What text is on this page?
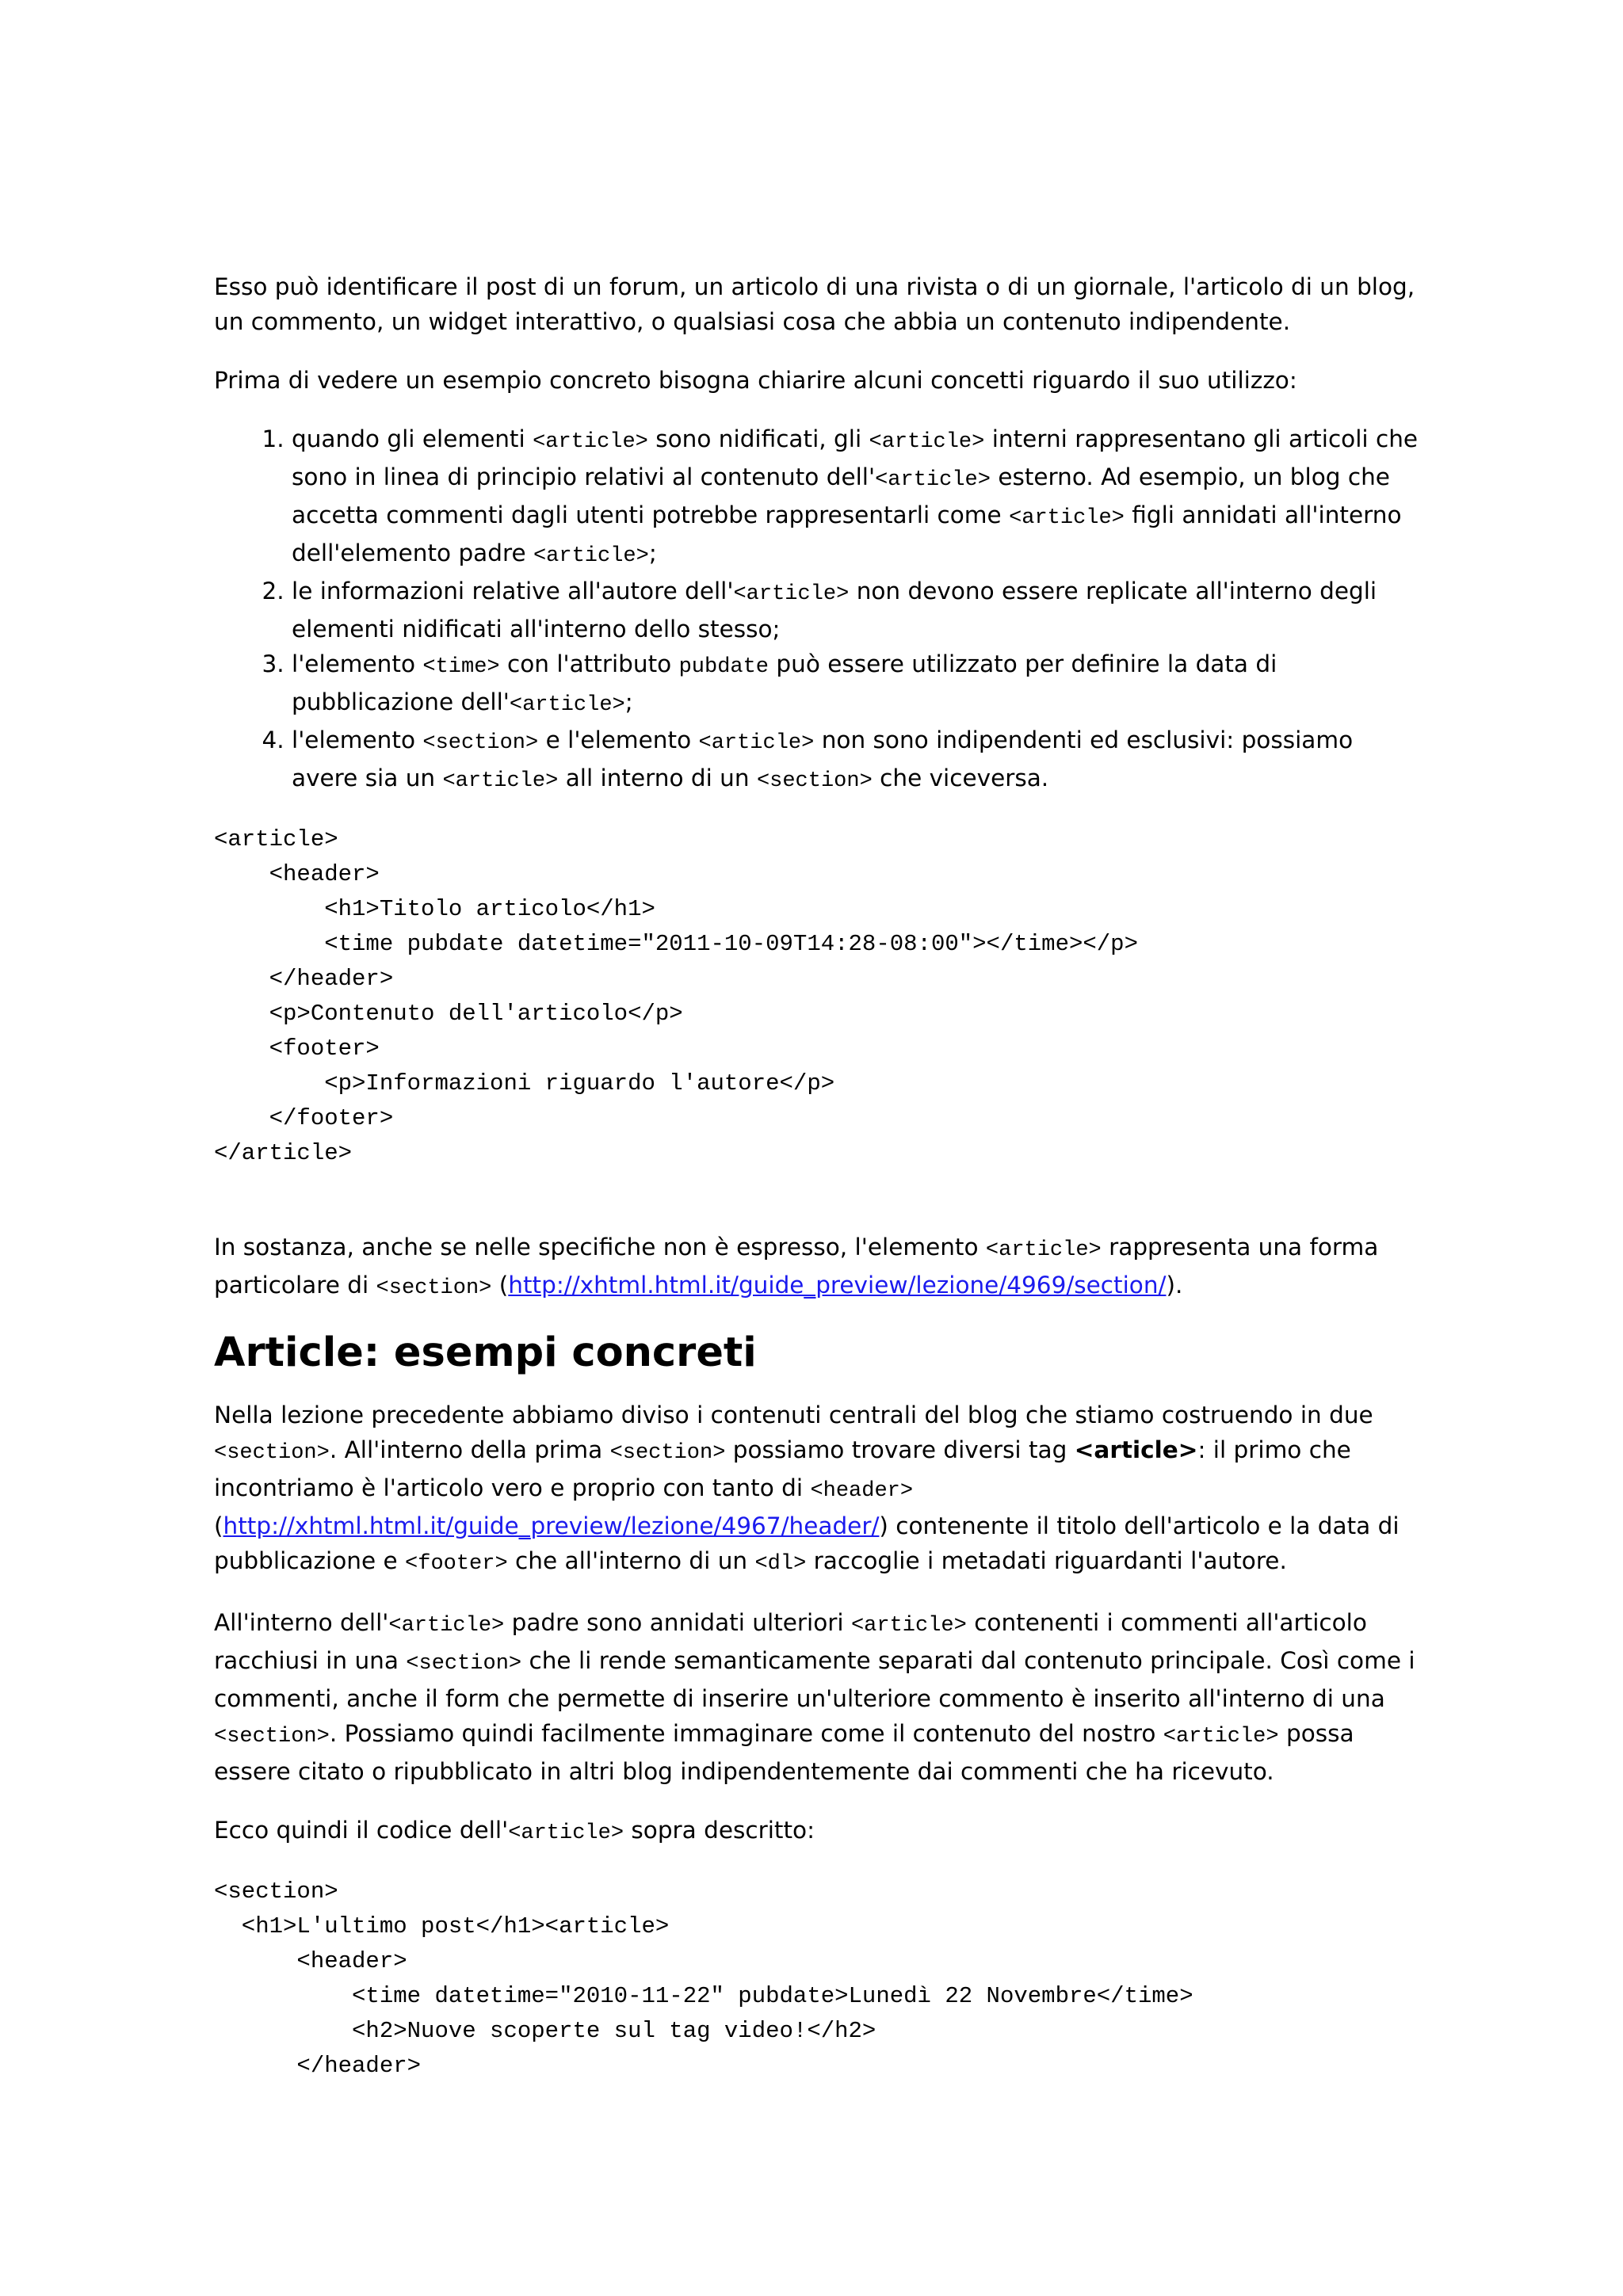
Esso può identificare il post di un forum, un articolo di una rivista o di un giornale, l'articolo di un blog, un commento, un widget interattivo, o qualsiasi cosa che abbia un contenuto indipendente.

Prima di vedere un esempio concreto bisogna chiarire alcuni concetti riguardo il suo utilizzo:

1. quando gli elementi <article> sono nidificati, gli <article> interni rappresentano gli articoli che sono in linea di principio relativi al contenuto dell'<article> esterno. Ad esempio, un blog che accetta commenti dagli utenti potrebbe rappresentarli come <article> figli annidati all'interno dell'elemento padre <article>;
2. le informazioni relative all'autore dell'<article> non devono essere replicate all'interno degli elementi nidificati all'interno dello stesso;
3. l'elemento <time> con l'attributo pubdate può essere utilizzato per definire la data di pubblicazione dell'<article>;
4. l'elemento <section> e l'elemento <article> non sono indipendenti ed esclusivi: possiamo avere sia un <article> all interno di un <section> che viceversa.
<article>
<header>
<h1>Titolo articolo</h1>
<time pubdate datetime="2011-10-09T14:28-08:00"></time></p>
</header>
<p>Contenuto dell'articolo</p>
<footer>
<p>Informazioni riguardo l'autore</p>
</footer>
</article>

In sostanza, anche se nelle specifiche non è espresso, l'elemento <article> rappresenta una forma particolare di <section> (http://xhtml.html.it/guide_preview/lezione/4969/section/).

Article: esempi concreti

Nella lezione precedente abbiamo diviso i contenuti centrali del blog che stiamo costruendo in due <section>. All'interno della prima <section> possiamo trovare diversi tag <article>: il primo che incontriamo è l'articolo vero e proprio con tanto di <header> (http://xhtml.html.it/guide_preview/lezione/4967/header/) contenente il titolo dell'articolo e la data di pubblicazione e <footer> che all'interno di un <dl> raccoglie i metadati riguardanti l'autore.

All'interno dell'<article> padre sono annidati ulteriori <article> contenenti i commenti all'articolo racchiusi in una <section> che li rende semanticamente separati dal contenuto principale. Così come i commenti, anche il form che permette di inserire un'ulteriore commento è inserito all'interno di una <section>. Possiamo quindi facilmente immaginare come il contenuto del nostro <article> possa essere citato o ripubblicato in altri blog indipendentemente dai commenti che ha ricevuto.

Ecco quindi il codice dell'<article> sopra descritto:

<section>
<h1>L'ultimo post</h1><article>
<header>
<time datetime="2010-11-22" pubdate>Lunedì 22 Novembre</time>
<h2>Nuove scoperte sul tag video!</h2>
</header>
